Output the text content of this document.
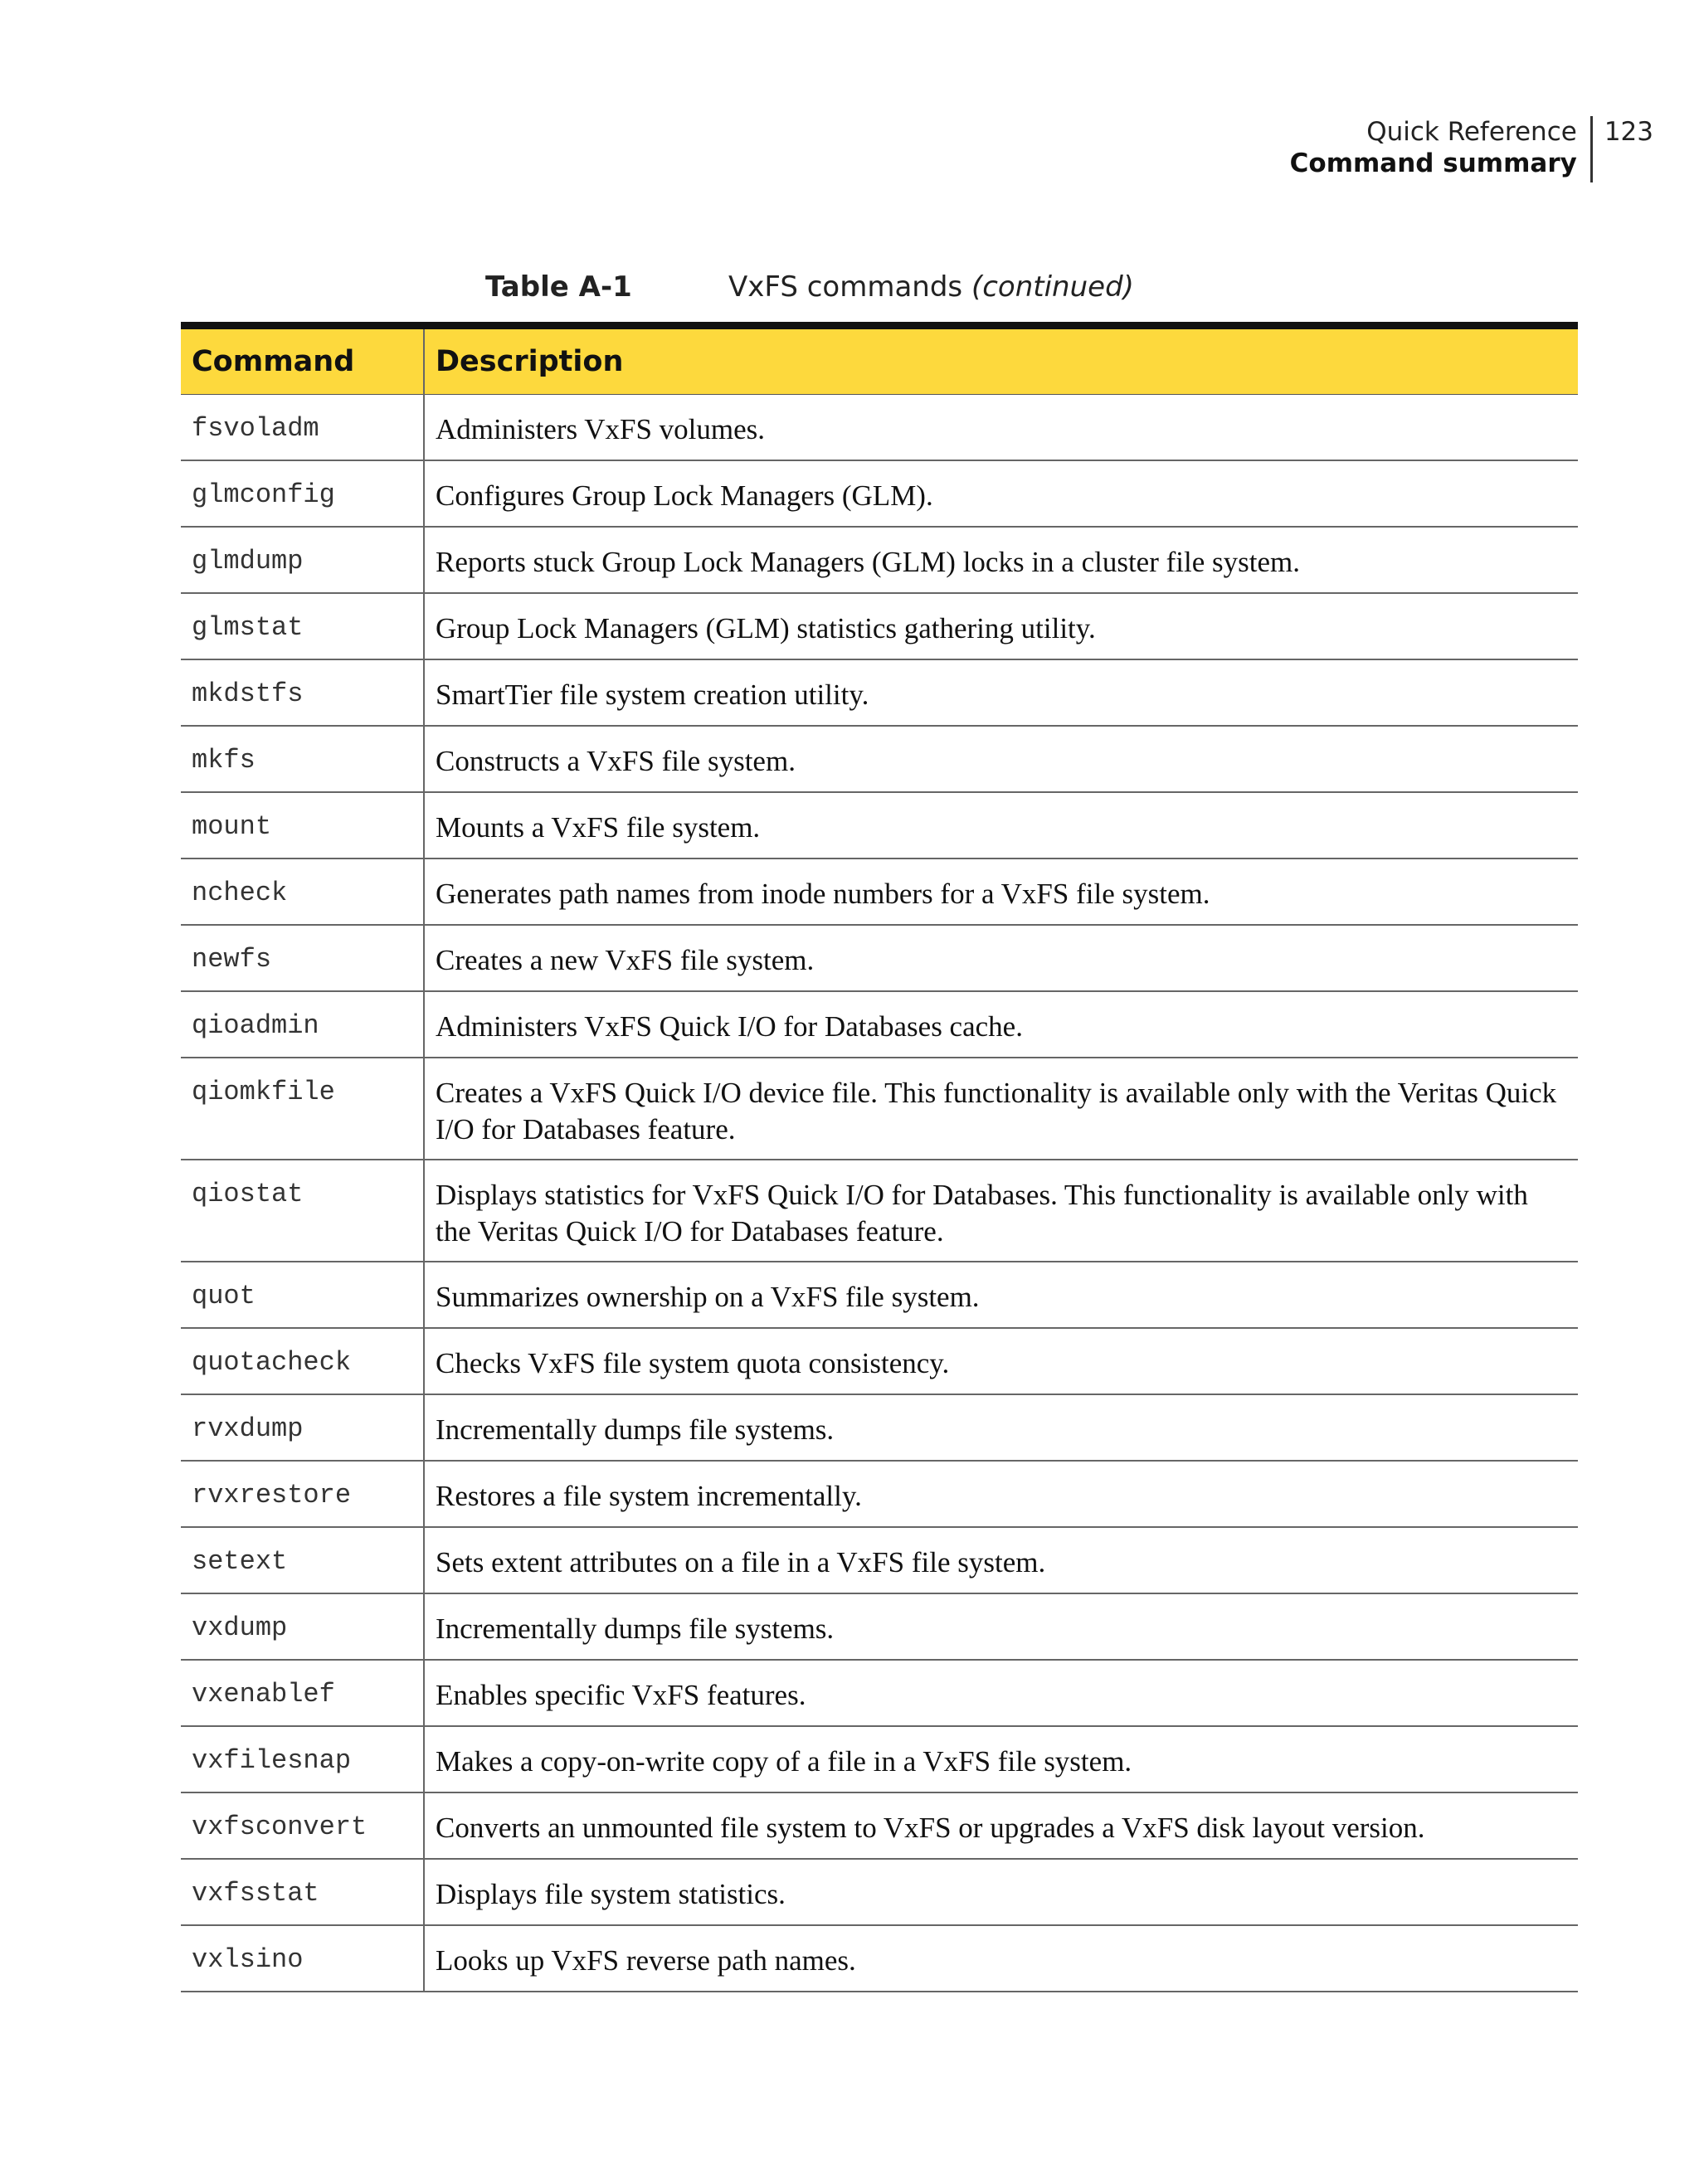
Quick Reference
Command summary
123
Table A-1	VxFS commands (continued)
Command	Description
fsvoladm	Administers VxFS volumes.
glmconfig	Configures Group Lock Managers (GLM).
glmdump	Reports stuck Group Lock Managers (GLM) locks in a cluster file system.
glmstat	Group Lock Managers (GLM) statistics gathering utility.
mkdstfs	SmartTier file system creation utility.
mkfs	Constructs a VxFS file system.
mount	Mounts a VxFS file system.
ncheck	Generates path names from inode numbers for a VxFS file system.
newfs	Creates a new VxFS file system.
qioadmin	Administers VxFS Quick I/O for Databases cache.
qiomkfile	Creates a VxFS Quick I/O device file. This functionality is available only with the Veritas Quick I/O for Databases feature.
qiostat	Displays statistics for VxFS Quick I/O for Databases. This functionality is available only with the Veritas Quick I/O for Databases feature.
quot	Summarizes ownership on a VxFS file system.
quotacheck	Checks VxFS file system quota consistency.
rvxdump	Incrementally dumps file systems.
rvxrestore	Restores a file system incrementally.
setext	Sets extent attributes on a file in a VxFS file system.
vxdump	Incrementally dumps file systems.
vxenablef	Enables specific VxFS features.
vxfilesnap	Makes a copy-on-write copy of a file in a VxFS file system.
vxfsconvert	Converts an unmounted file system to VxFS or upgrades a VxFS disk layout version.
vxfsstat	Displays file system statistics.
vxlsino	Looks up VxFS reverse path names.
